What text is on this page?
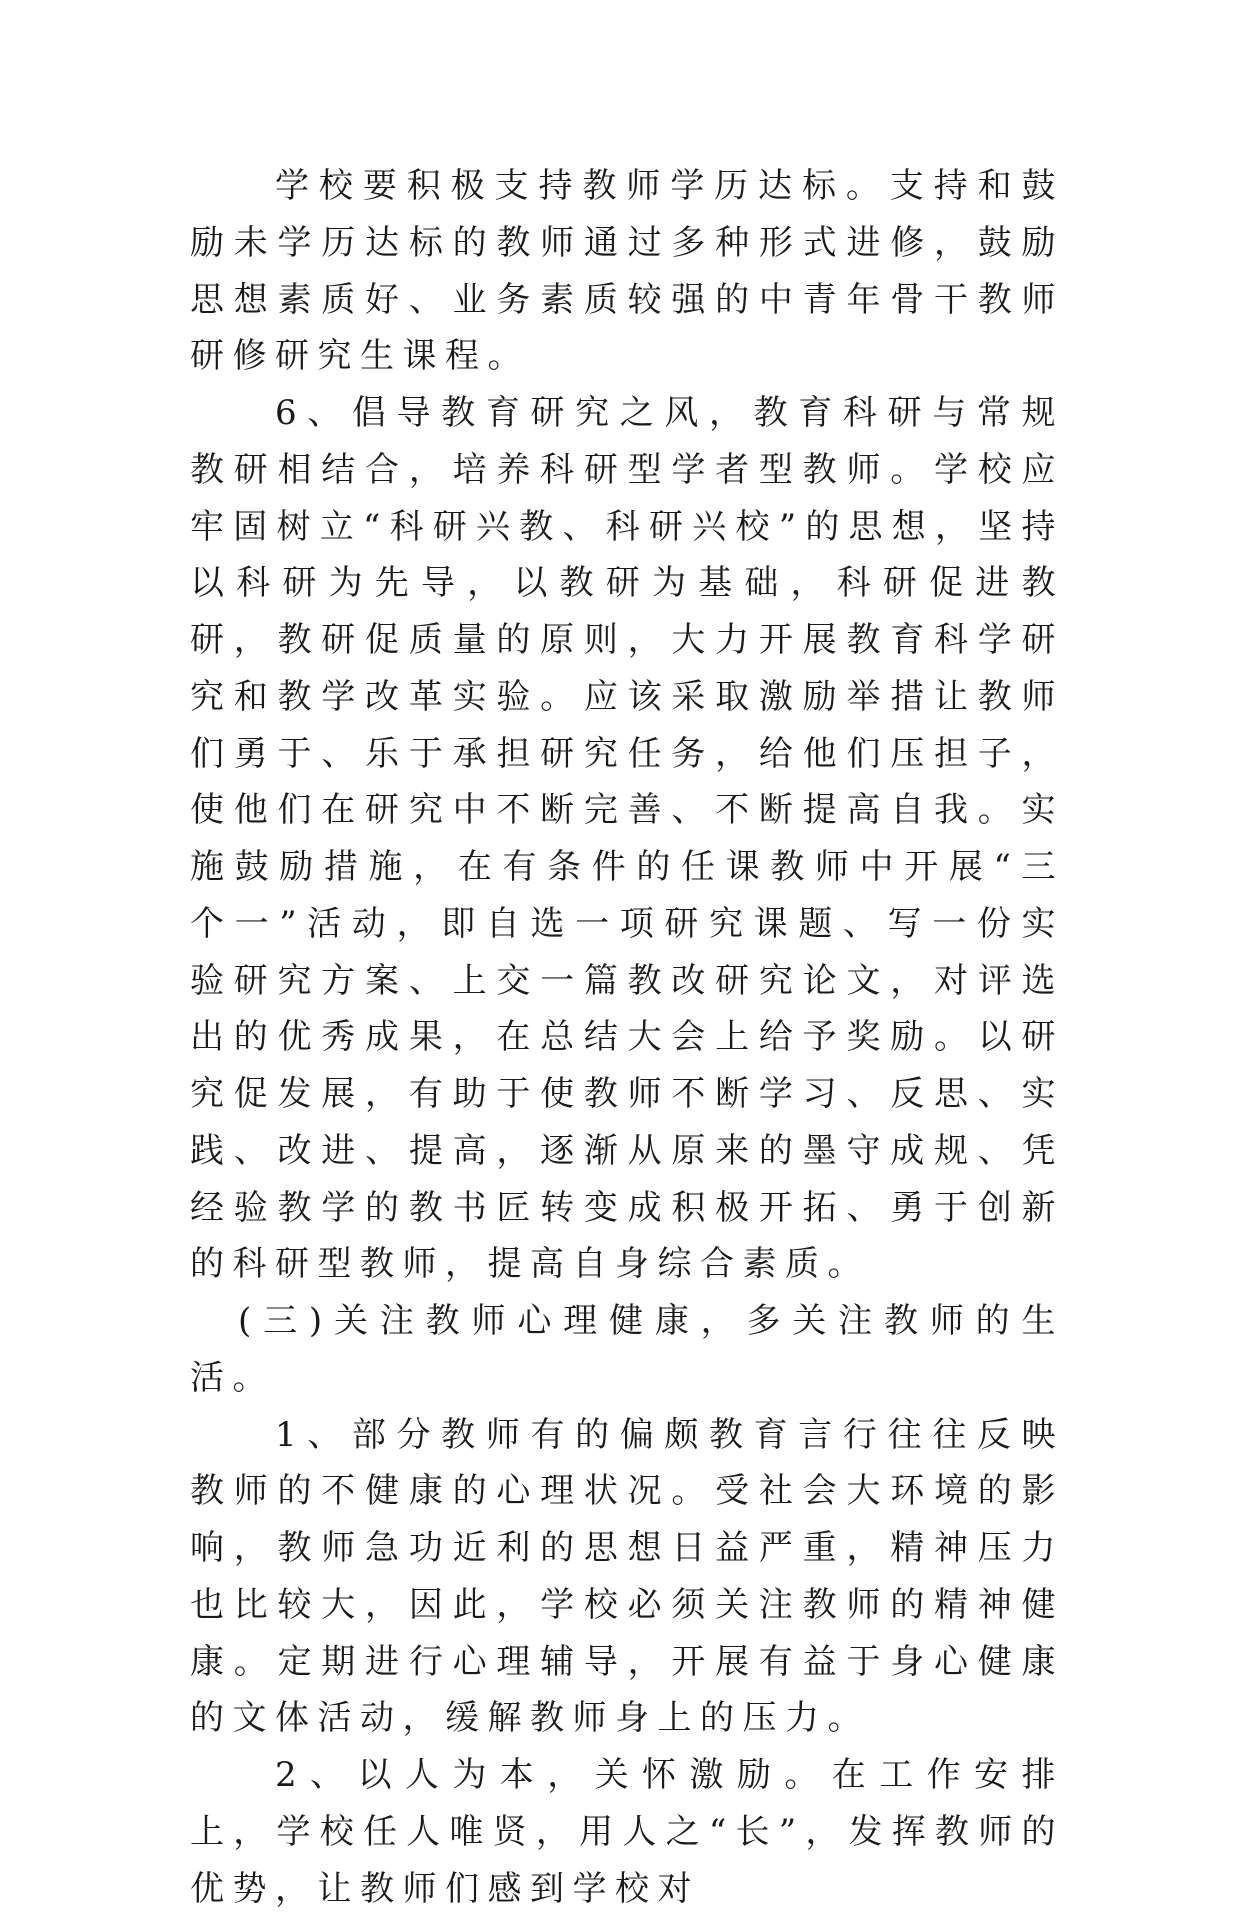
学校要积极支持教师学历达标。支持和鼓励未学历达标的教师通过多种形式进修，鼓励思想素质好、业务素质较强的中青年骨干教师研修研究生课程。

6、倡导教育研究之风，教育科研与常规教研相结合，培养科研型学者型教师。学校应牢固树立“科研兴教、科研兴校”的思想，坚持以科研为先导，以教研为基础，科研促进教研，教研促质量的原则，大力开展教育科学研究和教学改革实验。应该采取激励举措让教师们勇于、乐于承担研究任务，给他们压担子，使他们在研究中不断完善、不断提高自我。实施鼓励措施，在有条件的任课教师中开展“三个一”活动，即自选一项研究课题、写一份实验研究方案、上交一篇教改研究论文，对评选出的优秀成果，在总结大会上给予奖励。以研究促发展，有助于使教师不断学习、反思、实践、改进、提高，逐渐从原来的墨守成规、凭经验教学的教书匠转变成积极开拓、勇于创新的科研型教师，提高自身综合素质。

(三)关注教师心理健康，多关注教师的生活。

1、部分教师有的偏颇教育言行往往反映教师的不健康的心理状况。受社会大环境的影响，教师急功近利的思想日益严重，精神压力也比较大，因此，学校必须关注教师的精神健康。定期进行心理辅导，开展有益于身心健康的文体活动，缓解教师身上的压力。

2、以人为本，关怀激励。在工作安排上，学校任人唯贤，用人之“长”，发挥教师的优势，让教师们感到学校对
